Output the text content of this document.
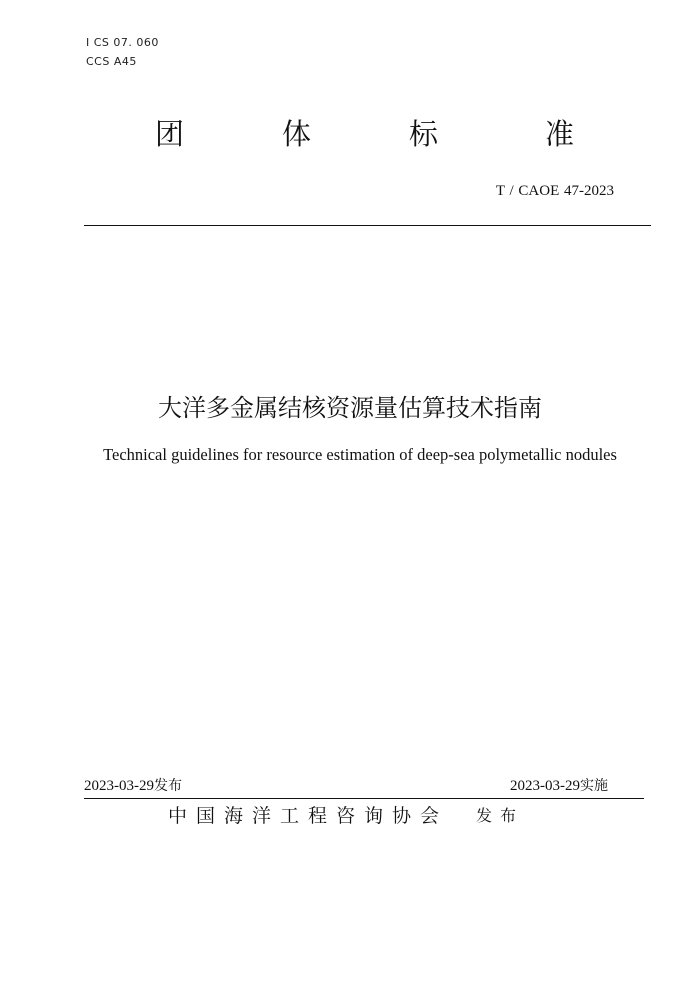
I CS 07. 060
CCS A45
团	体	标	准
T / CAOE 47-2023
大洋多金属结核资源量估算技术指南
Technical guidelines for resource estimation of deep-sea polymetallic nodules
2023-03-29发布	2023-03-29实施
中国海洋工程咨询协会 发布
